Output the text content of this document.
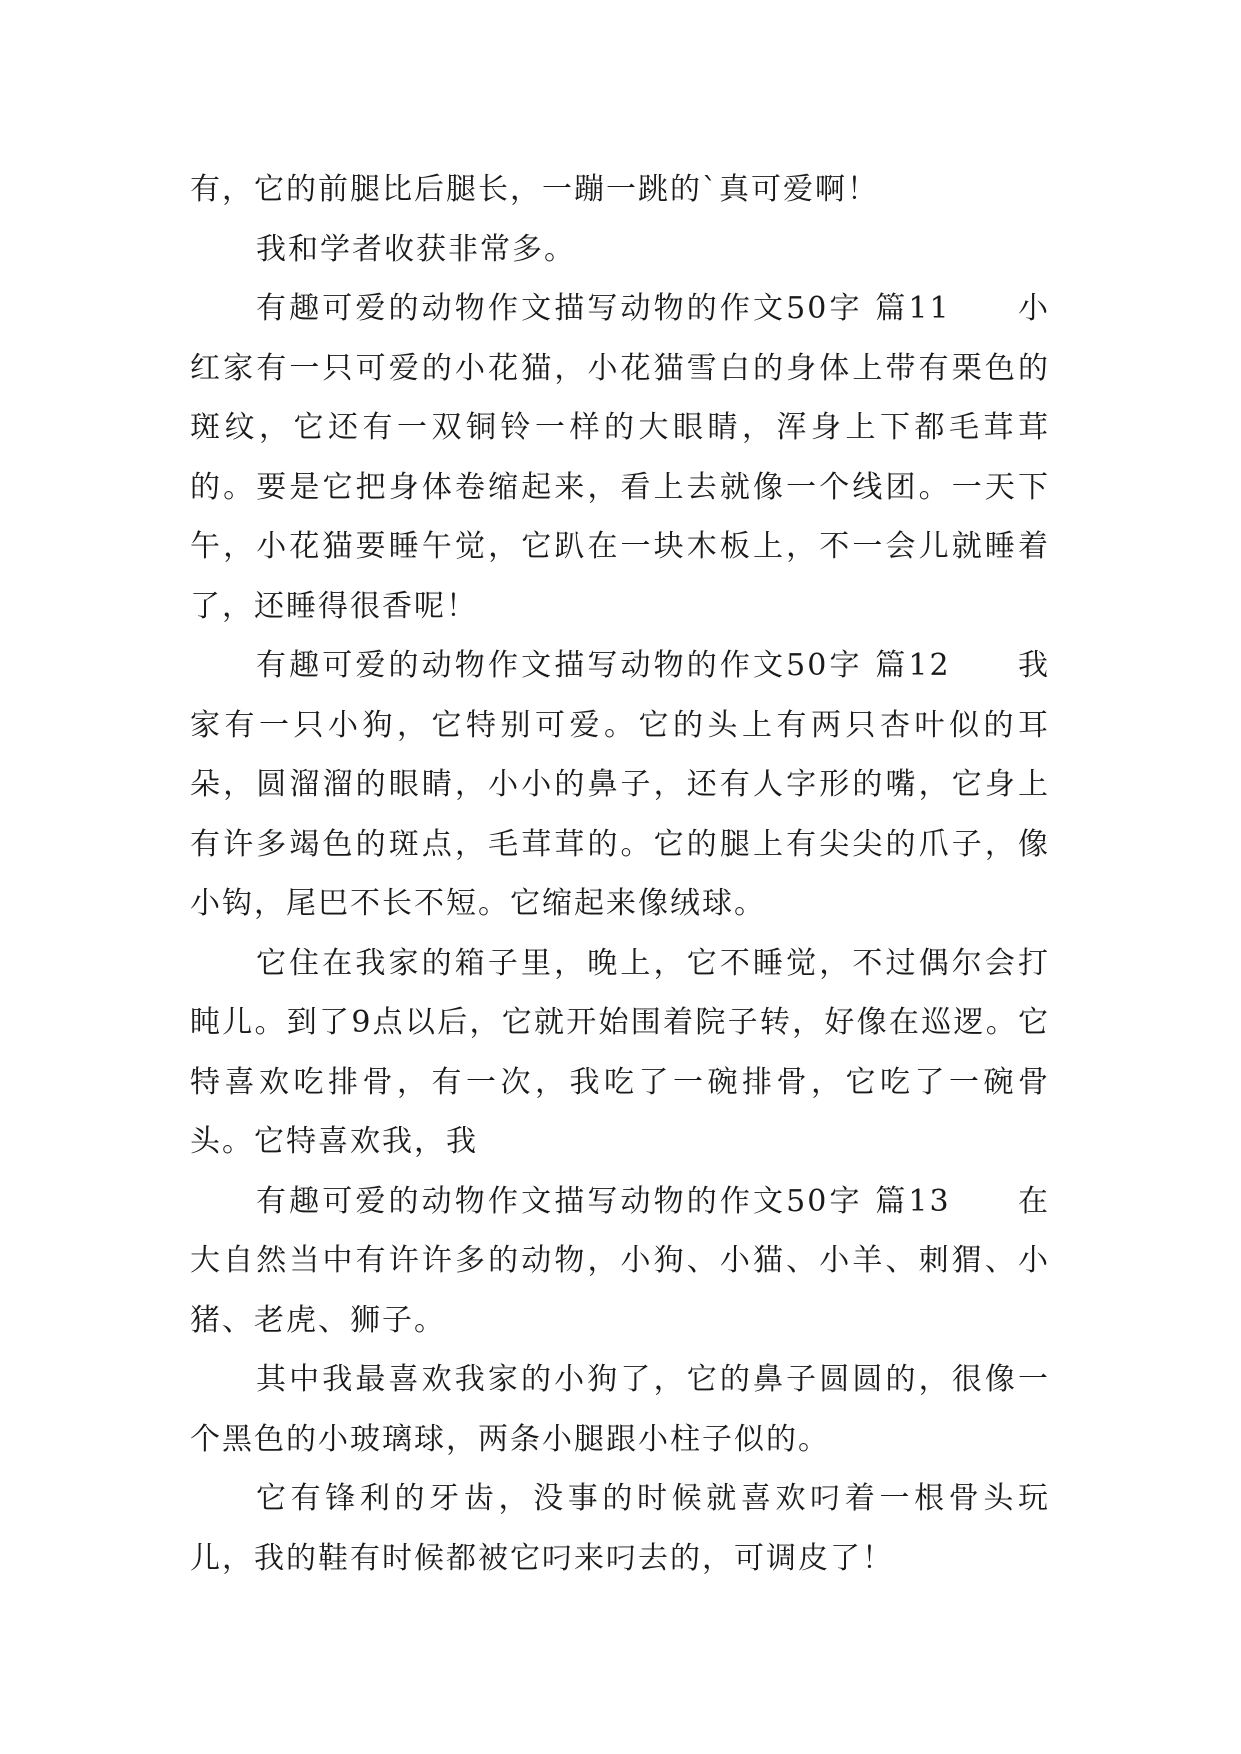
有，它的前腿比后腿长，一蹦一跳的`真可爱啊！

我和学者收获非常多。

有趣可爱的动物作文描写动物的作文50字 篇11　　小红家有一只可爱的小花猫，小花猫雪白的身体上带有栗色的斑纹，它还有一双铜铃一样的大眼睛，浑身上下都毛茸茸的。要是它把身体卷缩起来，看上去就像一个线团。一天下午，小花猫要睡午觉，它趴在一块木板上，不一会儿就睡着了，还睡得很香呢！

有趣可爱的动物作文描写动物的作文50字 篇12　　我家有一只小狗，它特别可爱。它的头上有两只杏叶似的耳朵，圆溜溜的眼睛，小小的鼻子，还有人字形的嘴，它身上有许多竭色的斑点，毛茸茸的。它的腿上有尖尖的爪子，像小钩，尾巴不长不短。它缩起来像绒球。

它住在我家的箱子里，晚上，它不睡觉，不过偶尔会打盹儿。到了9点以后，它就开始围着院子转，好像在巡逻。它特喜欢吃排骨，有一次，我吃了一碗排骨，它吃了一碗骨头。它特喜欢我，我

有趣可爱的动物作文描写动物的作文50字 篇13　　在大自然当中有许许多的动物，小狗、小猫、小羊、刺猬、小猪、老虎、狮子。

其中我最喜欢我家的小狗了，它的鼻子圆圆的，很像一个黑色的小玻璃球，两条小腿跟小柱子似的。

它有锋利的牙齿，没事的时候就喜欢叼着一根骨头玩儿，我的鞋有时候都被它叼来叼去的，可调皮了！
